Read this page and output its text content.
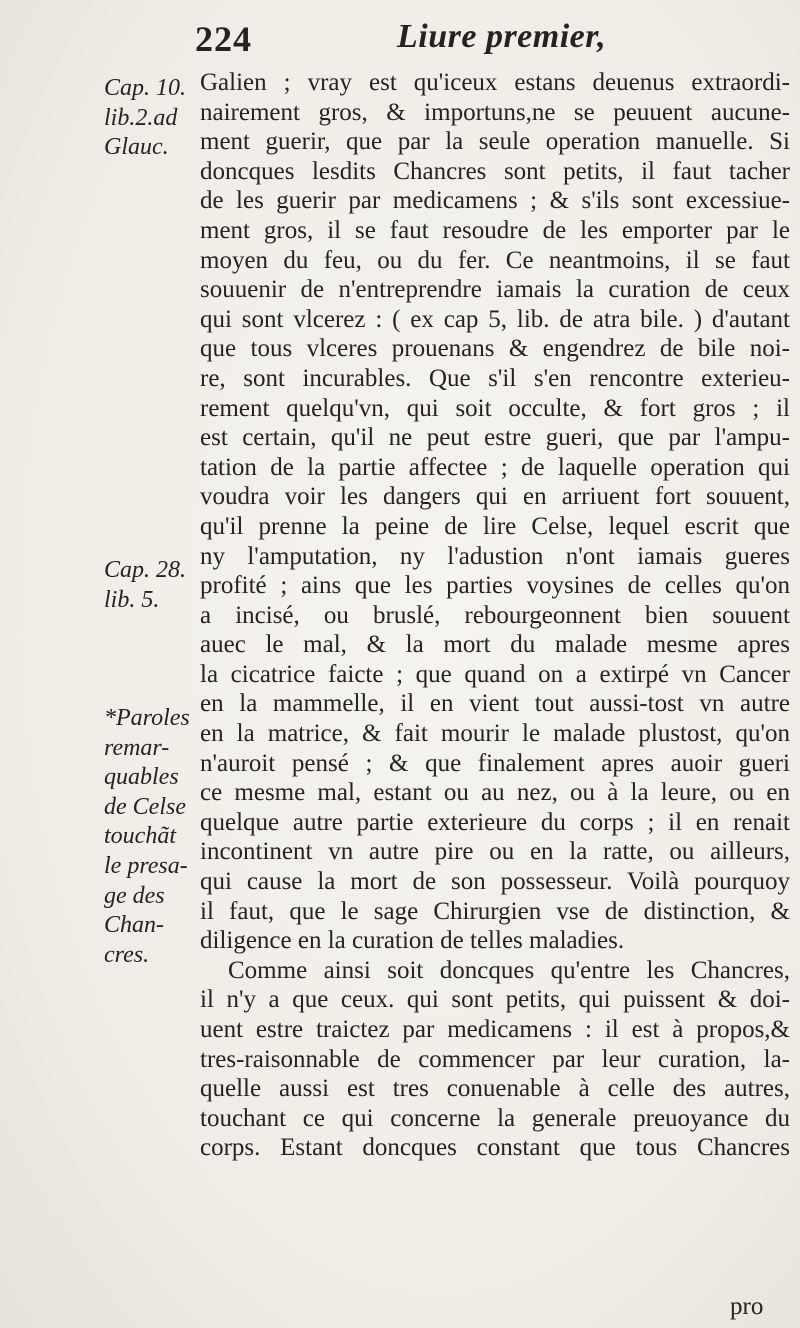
224	Liure premier,
Cap. 10.
lib.2.ad
Glauc.
Cap. 28.
lib. 5.
*Paroles
remar-
quables
de Celse
touchãt
le presa-
ge des
Chan-
cres.
Galien ; vray est qu'iceux estans deuenus extraordi-
nairement gros, & importuns,ne se peuuent aucune-
ment guerir, que par la seule operation manuelle. Si
doncques lesdits Chancres sont petits, il faut tacher
de les guerir par medicamens ; & s'ils sont excessiue-
ment gros, il se faut resoudre de les emporter par le
moyen du feu, ou du fer. Ce neantmoins, il se faut
souuenir de n'entreprendre iamais la curation de ceux
qui sont vlcerez : ( ex cap 5, lib. de atra bile. ) d'autant
que tous vlceres prouenans & engendrez de bile noi-
re, sont incurables. Que s'il s'en rencontre exterieu-
rement quelqu'vn, qui soit occulte, & fort gros ; il
est certain, qu'il ne peut estre gueri, que par l'ampu-
tation de la partie affectee ; de laquelle operation qui
voudra voir les dangers qui en arriuent fort souuent,
qu'il prenne la peine de lire Celse, lequel escrit que
ny l'amputation, ny l'adustion n'ont iamais gueres
profité ; ains que les parties voysines de celles qu'on
a incisé, ou bruslé, rebourgeonnent bien souuent
auec le mal, & la mort du malade mesme apres
la cicatrice faicte ; que quand on a extirpé vn Cancer
en la mammelle, il en vient tout aussi-tost vn autre
en la matrice, & fait mourir le malade plustost, qu'on
n'auroit pensé ; & que finalement apres auoir gueri
ce mesme mal, estant ou au nez, ou à la leure, ou en
quelque autre partie exterieure du corps ; il en renait
incontinent vn autre pire ou en la ratte, ou ailleurs,
qui cause la mort de son possesseur. Voilà pourquoy
il faut, que le sage Chirurgien vse de distinction, &
diligence en la curation de telles maladies.
Comme ainsi soit doncques qu'entre les Chancres,
il n'y a que ceux. qui sont petits, qui puissent & doi-
uent estre traictez par medicamens : il est à propos,&
tres-raisonnable de commencer par leur curation, la-
quelle aussi est tres conuenable à celle des autres,
touchant ce qui concerne la generale preuoyance du
corps. Estant doncques constant que tous Chancres
pro
